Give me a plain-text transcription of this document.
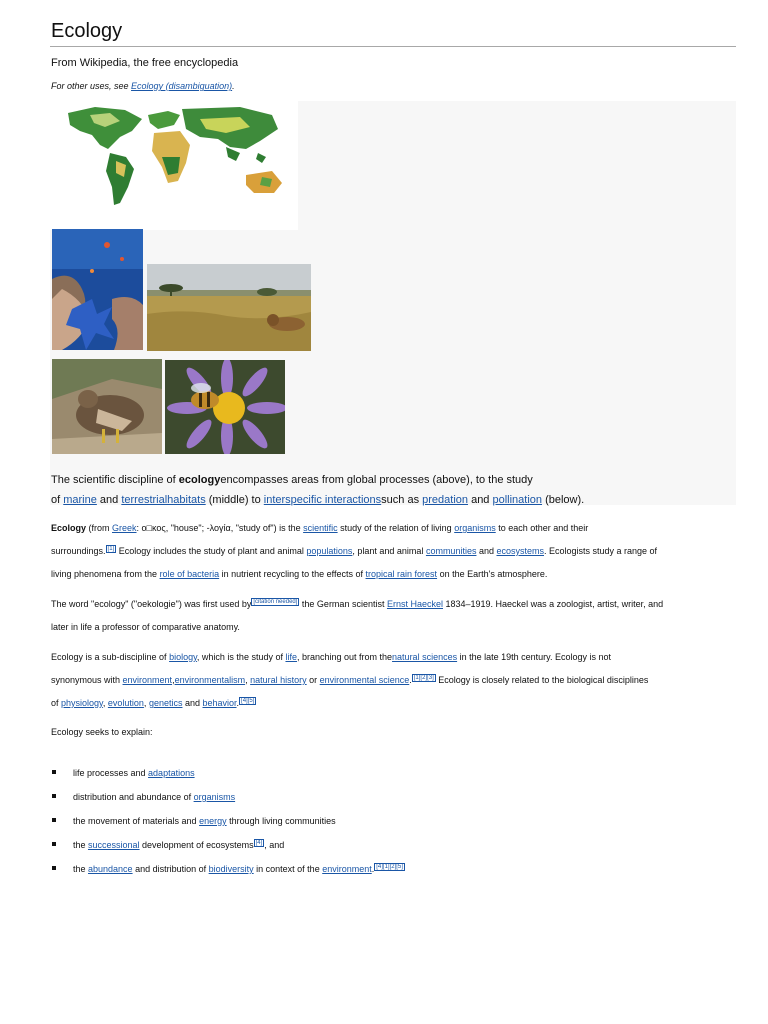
Ecology
From Wikipedia, the free encyclopedia
For other uses, see Ecology (disambiguation).
The scientific discipline of ecologyencompasses areas from global processes (above), to the study
of marine and terrestrialhabitats (middle) to interspecific interactionssuch as predation and pollination (below).
Ecology (from Greek: ο□κος, "house"; -λογία, "study of") is the scientific study of the relation of living organisms to each other and their
surroundings. [1] Ecology includes the study of plant and animal populations, plant and animal communities and ecosystems. Ecologists study a range of
living phenomena from the role of bacteria in nutrient recycling to the effects of tropical rain forest on the Earth's atmosphere.
The word "ecology" ("oekologie") was first used by [citation needed] the German scientist Ernst Haeckel 1834–1919. Haeckel was a zoologist, artist, writer, and
later in life a professor of comparative anatomy.
Ecology is a sub-discipline of biology, which is the study of life, branching out from thenatural sciences in the late 19th century. Ecology is not
synonymous with environment,environmentalism, natural history or environmental science. [1][2][3] Ecology is closely related to the biological disciplines
of physiology, evolution, genetics and behavior. [4][5]
Ecology seeks to explain:
life processes and adaptations
distribution and abundance of organisms
the movement of materials and energy through living communities
the successional development of ecosystems [4] , and
the abundance and distribution of biodiversity in context of the environment. [4][1][2][5]
